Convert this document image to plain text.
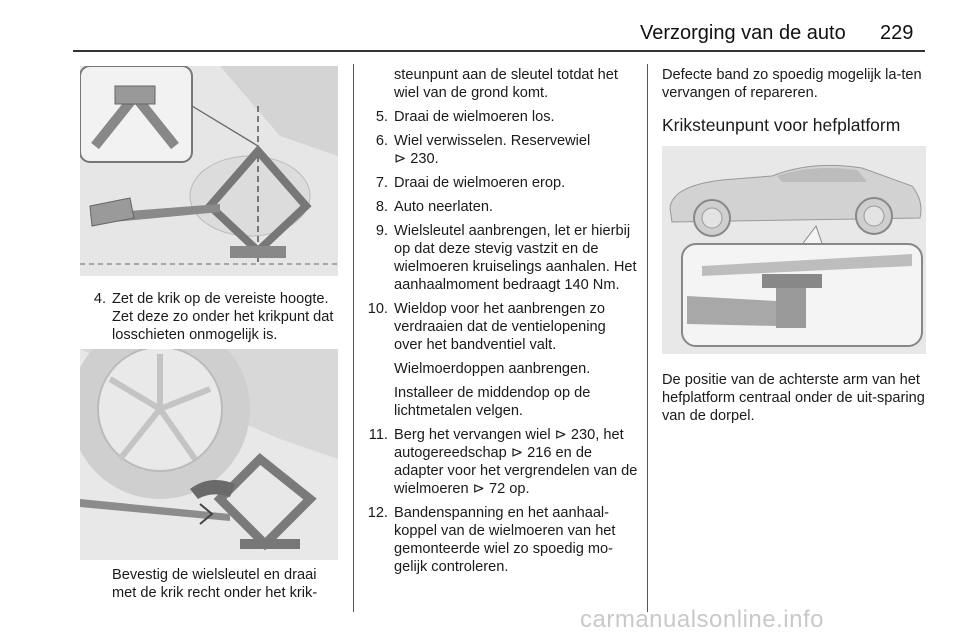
Verzorging van de auto 229
4. Zet de krik op de vereiste hoogte. Zet deze zo onder het krikpunt dat losschieten onmogelijk is.
Bevestig de wielsleutel en draai met de krik recht onder het krik-
steunpunt aan de sleutel totdat het wiel van de grond komt.
5. Draai de wielmoeren los.
6. Wiel verwisselen. Reservewiel
⊳ 230.
7. Draai de wielmoeren erop.
8. Auto neerlaten.
9. Wielsleutel aanbrengen, let er hierbij op dat deze stevig vastzit en de wielmoeren kruiselings aanhalen. Het aanhaalmoment bedraagt 140 Nm.
10. Wieldop voor het aanbrengen zo verdraaien dat de ventielopening over het bandventiel valt.
Wielmoerdoppen aanbrengen.
Installeer de middendop op de lichtmetalen velgen.
11. Berg het vervangen wiel ⊳ 230, het autogereedschap ⊳ 216 en de adapter voor het vergrendelen van de wielmoeren ⊳ 72 op.
12. Bandenspanning en het aanhaal-koppel van de wielmoeren van het gemonteerde wiel zo spoedig mo-gelijk controleren.
Defecte band zo spoedig mogelijk la-ten vervangen of repareren.
Kriksteunpunt voor hefplatform
De positie van de achterste arm van het hefplatform centraal onder de uit-sparing van de dorpel.
carmanualsonline.info
